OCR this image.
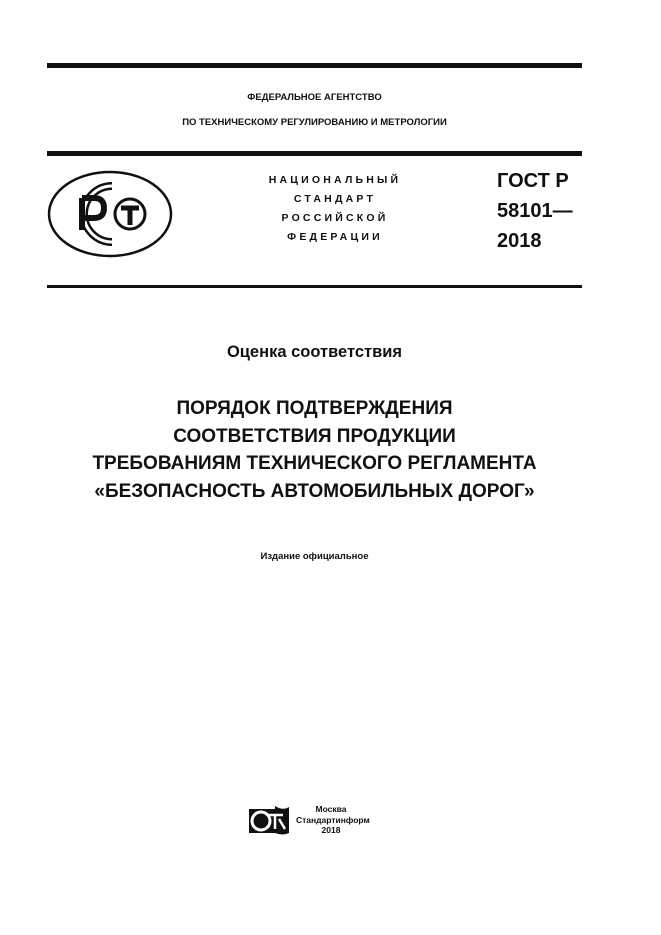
ФЕДЕРАЛЬНОЕ АГЕНТСТВО
ПО ТЕХНИЧЕСКОМУ РЕГУЛИРОВАНИЮ И МЕТРОЛОГИИ
НАЦИОНАЛЬНЫЙ
СТАНДАРТ
РОССИЙСКОЙ
ФЕДЕРАЦИИ
ГОСТ Р
58101—
2018
Оценка соответствия
ПОРЯДОК ПОДТВЕРЖДЕНИЯ
СООТВЕТСТВИЯ ПРОДУКЦИИ
ТРЕБОВАНИЯМ ТЕХНИЧЕСКОГО РЕГЛАМЕНТА
«БЕЗОПАСНОСТЬ АВТОМОБИЛЬНЫХ ДОРОГ»
Издание официальное
Москва
Стандартинформ
2018
